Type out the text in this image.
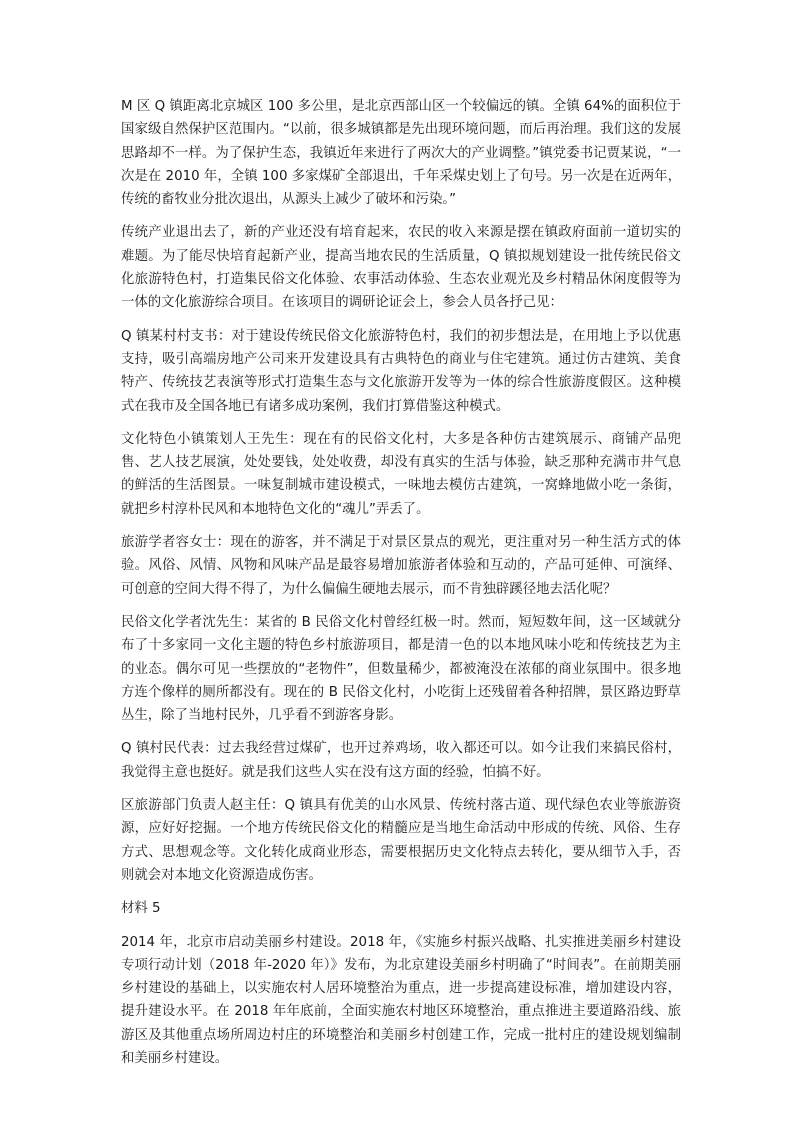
M 区 Q 镇距离北京城区 100 多公里，是北京西部山区一个较偏远的镇。全镇 64%的面积位于国家级自然保护区范围内。“以前，很多城镇都是先出现环境问题，而后再治理。我们这的发展思路却不一样。为了保护生态，我镇近年来进行了两次大的产业调整。”镇党委书记贾某说，“一次是在 2010 年，全镇 100 多家煤矿全部退出，千年采煤史划上了句号。另一次是在近两年，传统的畜牧业分批次退出，从源头上减少了破坏和污染。”

传统产业退出去了，新的产业还没有培育起来，农民的收入来源是摆在镇政府面前一道切实的难题。为了能尽快培育起新产业，提高当地农民的生活质量，Q 镇拟规划建设一批传统民俗文化旅游特色村，打造集民俗文化体验、农事活动体验、生态农业观光及乡村精品休闲度假等为一体的文化旅游综合项目。在该项目的调研论证会上，参会人员各抒己见：

Q 镇某村村支书：对于建设传统民俗文化旅游特色村，我们的初步想法是，在用地上予以优惠支持，吸引高端房地产公司来开发建设具有古典特色的商业与住宅建筑。通过仿古建筑、美食特产、传统技艺表演等形式打造集生态与文化旅游开发等为一体的综合性旅游度假区。这种模式在我市及全国各地已有诸多成功案例，我们打算借鉴这种模式。

文化特色小镇策划人王先生：现在有的民俗文化村，大多是各种仿古建筑展示、商铺产品兜售、艺人技艺展演，处处要钱，处处收费，却没有真实的生活与体验，缺乏那种充满市井气息的鲜活的生活图景。一味复制城市建设模式，一味地去模仿古建筑，一窝蜂地做小吃一条街，就把乡村淳朴民风和本地特色文化的“魂儿”弄丢了。

旅游学者容女士：现在的游客，并不满足于对景区景点的观光，更注重对另一种生活方式的体验。风俗、风情、风物和风味产品是最容易增加旅游者体验和互动的，产品可延伸、可演绎、可创意的空间大得不得了，为什么偏偏生硬地去展示，而不肯独辟蹊径地去活化呢？

民俗文化学者沈先生：某省的 B 民俗文化村曾经红极一时。然而，短短数年间，这一区域就分布了十多家同一文化主题的特色乡村旅游项目，都是清一色的以本地风味小吃和传统技艺为主的业态。偶尔可见一些摆放的“老物件”，但数量稀少，都被淹没在浓郁的商业氛围中。很多地方连个像样的厕所都没有。现在的 B 民俗文化村，小吃街上还残留着各种招牌，景区路边野草丛生，除了当地村民外，几乎看不到游客身影。

Q 镇村民代表：过去我经营过煤矿，也开过养鸡场，收入都还可以。如今让我们来搞民俗村，我觉得主意也挺好。就是我们这些人实在没有这方面的经验，怕搞不好。

区旅游部门负责人赵主任：Q 镇具有优美的山水风景、传统村落古道、现代绿色农业等旅游资源，应好好挖掘。一个地方传统民俗文化的精髓应是当地生命活动中形成的传统、风俗、生存方式、思想观念等。文化转化成商业形态，需要根据历史文化特点去转化，要从细节入手，否则就会对本地文化资源造成伤害。

材料 5

2014 年，北京市启动美丽乡村建设。2018 年，《实施乡村振兴战略、扎实推进美丽乡村建设专项行动计划（2018 年-2020 年）》发布，为北京建设美丽乡村明确了“时间表”。在前期美丽乡村建设的基础上，以实施农村人居环境整治为重点，进一步提高建设标准，增加建设内容，提升建设水平。在 2018 年年底前，全面实施农村地区环境整治，重点推进主要道路沿线、旅游区及其他重点场所周边村庄的环境整治和美丽乡村创建工作，完成一批村庄的建设规划编制和美丽乡村建设。
